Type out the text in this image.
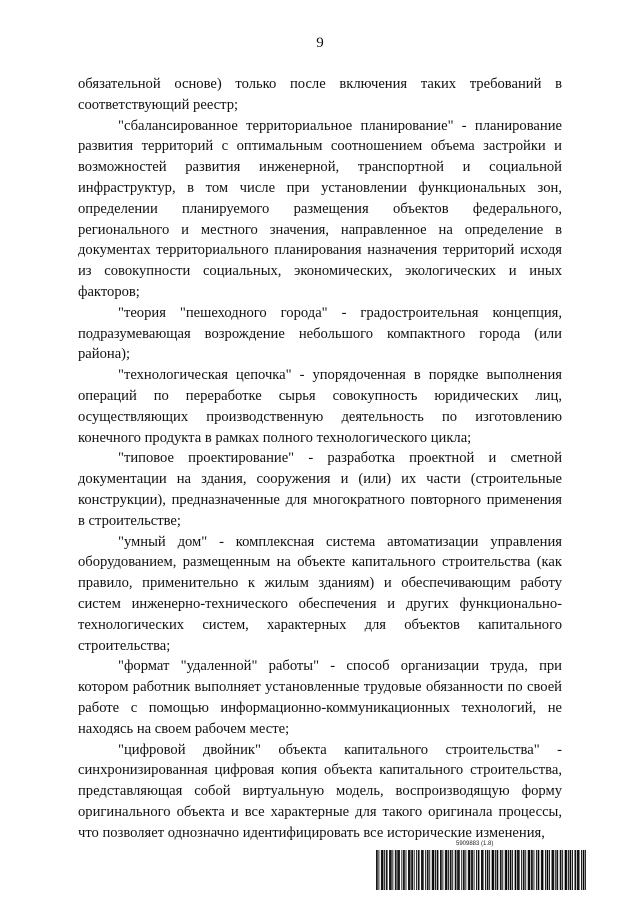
9

обязательной основе) только после включения таких требований в соответствующий реестр;

"сбалансированное территориальное планирование" - планирование развития территорий с оптимальным соотношением объема застройки и возможностей развития инженерной, транспортной и социальной инфраструктур, в том числе при установлении функциональных зон, определении планируемого размещения объектов федерального, регионального и местного значения, направленное на определение в документах территориального планирования назначения территорий исходя из совокупности социальных, экономических, экологических и иных факторов;

"теория "пешеходного города" - градостроительная концепция, подразумевающая возрождение небольшого компактного города (или района);

"технологическая цепочка" - упорядоченная в порядке выполнения операций по переработке сырья совокупность юридических лиц, осуществляющих производственную деятельность по изготовлению конечного продукта в рамках полного технологического цикла;

"типовое проектирование" - разработка проектной и сметной документации на здания, сооружения и (или) их части (строительные конструкции), предназначенные для многократного повторного применения в строительстве;

"умный дом" - комплексная система автоматизации управления оборудованием, размещенным на объекте капитального строительства (как правило, применительно к жилым зданиям) и обеспечивающим работу систем инженерно-технического обеспечения и других функционально-технологических систем, характерных для объектов капитального строительства;

"формат "удаленной" работы" - способ организации труда, при котором работник выполняет установленные трудовые обязанности по своей работе с помощью информационно-коммуникационных технологий, не находясь на своем рабочем месте;

"цифровой двойник" объекта капитального строительства" - синхронизированная цифровая копия объекта капитального строительства, представляющая собой виртуальную модель, воспроизводящую форму оригинального объекта и все характерные для такого оригинала процессы, что позволяет однозначно идентифицировать все исторические изменения,

5909883 (1.8)
